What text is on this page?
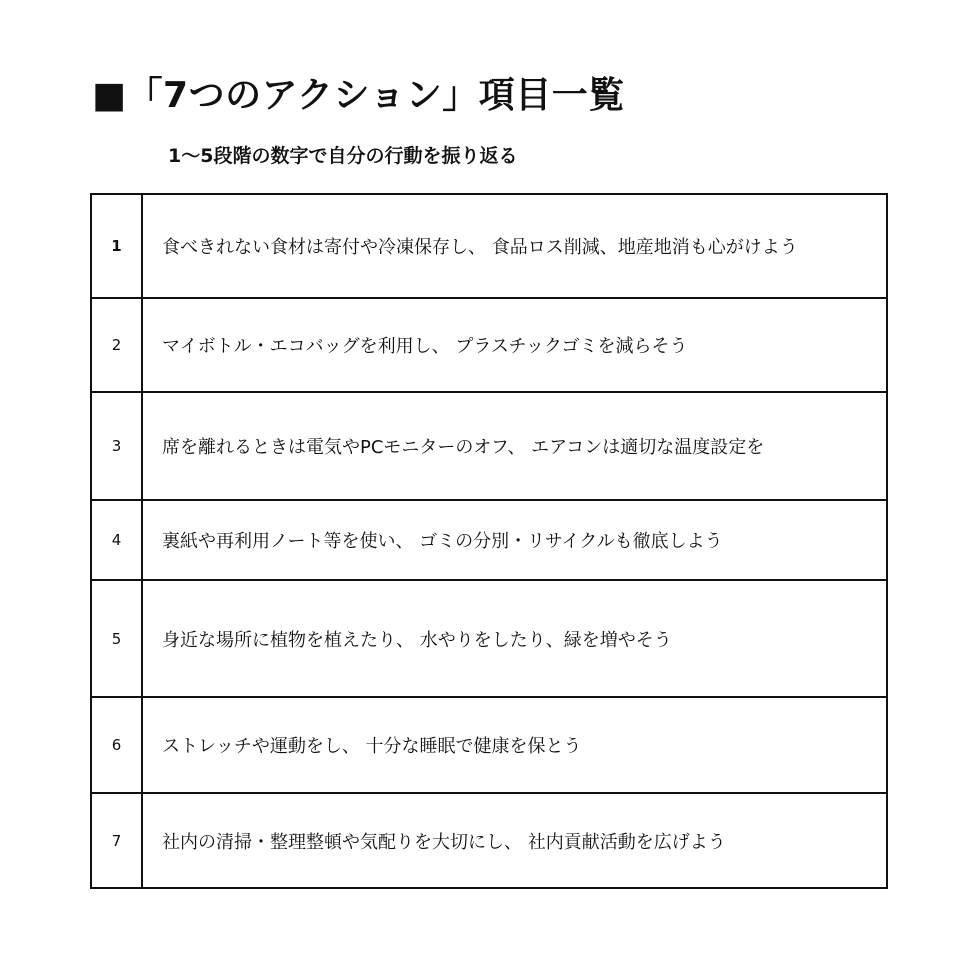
■「7つのアクション」項目一覧
1〜5段階の数字で自分の行動を振り返る
1	食べきれない食材は寄付や冷凍保存し、 食品ロス削減、地産地消も心がけよう
2	マイボトル・エコバッグを利用し、 プラスチックゴミを減らそう
3	席を離れるときは電気やPCモニターのオフ、 エアコンは適切な温度設定を
4	裏紙や再利用ノート等を使い、 ゴミの分別・リサイクルも徹底しよう
5	身近な場所に植物を植えたり、 水やりをしたり、緑を増やそう
6	ストレッチや運動をし、 十分な睡眠で健康を保とう
7	社内の清掃・整理整頓や気配りを大切にし、 社内貢献活動を広げよう
